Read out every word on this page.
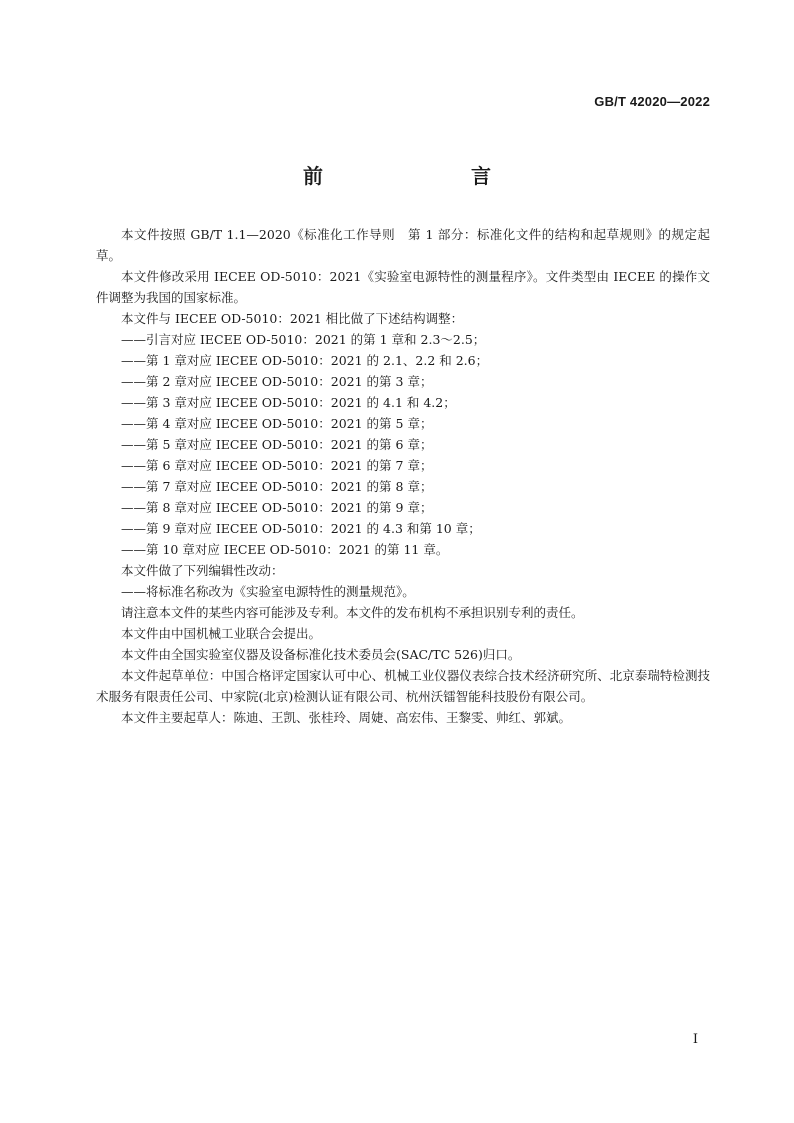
GB/T 42020—2022
前　　言

本文件按照 GB/T 1.1—2020《标准化工作导则　第 1 部分：标准化文件的结构和起草规则》的规定起草。

本文件修改采用 IECEE OD-5010：2021《实验室电源特性的测量程序》。文件类型由 IECEE 的操作文件调整为我国的国家标准。

本文件与 IECEE OD-5010：2021 相比做了下述结构调整：

——引言对应 IECEE OD-5010：2021 的第 1 章和 2.3～2.5；

——第 1 章对应 IECEE OD-5010：2021 的 2.1、2.2 和 2.6；

——第 2 章对应 IECEE OD-5010：2021 的第 3 章；

——第 3 章对应 IECEE OD-5010：2021 的 4.1 和 4.2；

——第 4 章对应 IECEE OD-5010：2021 的第 5 章；

——第 5 章对应 IECEE OD-5010：2021 的第 6 章；

——第 6 章对应 IECEE OD-5010：2021 的第 7 章；

——第 7 章对应 IECEE OD-5010：2021 的第 8 章；

——第 8 章对应 IECEE OD-5010：2021 的第 9 章；

——第 9 章对应 IECEE OD-5010：2021 的 4.3 和第 10 章；

——第 10 章对应 IECEE OD-5010：2021 的第 11 章。

本文件做了下列编辑性改动：

——将标准名称改为《实验室电源特性的测量规范》。

请注意本文件的某些内容可能涉及专利。本文件的发布机构不承担识别专利的责任。

本文件由中国机械工业联合会提出。

本文件由全国实验室仪器及设备标准化技术委员会(SAC/TC 526)归口。

本文件起草单位：中国合格评定国家认可中心、机械工业仪器仪表综合技术经济研究所、北京泰瑞特检测技术服务有限责任公司、中家院(北京)检测认证有限公司、杭州沃镭智能科技股份有限公司。

本文件主要起草人：陈迪、王凯、张桂玲、周婕、高宏伟、王黎雯、帅红、郭斌。

I
